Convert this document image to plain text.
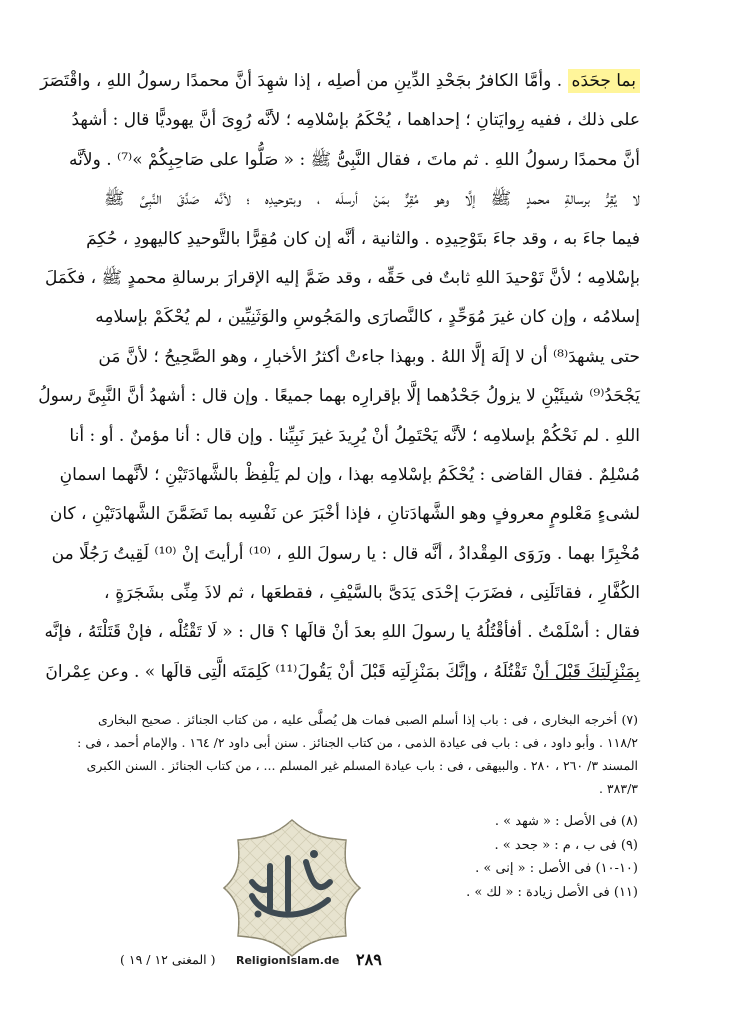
بما جحَدَه . وأمَّا الكافرُ بجَحْدِ الدِّينِ من أصلِه ، إذا شهِدَ أنَّ محمدًا رسولُ اللهِ ، واقْتَصَرَ
على ذلك ، ففيه رِوايَتانِ ؛ إحداهما ، يُحْكَمُ بإسْلامِه ؛ لأنَّه رُوِىَ أنَّ يهوديًّا قال : أشهدُ
أنَّ محمدًا رسولُ اللهِ . ثم ماتَ ، فقال النَّبِىُّ ﷺ : « صَلُّوا على صَاحِبِكُمْ »⁽⁷⁾ . ولأنَّه
لا يُقِرُّ برسالةِ محمدٍ ﷺ إلَّا وهو مُقِرٌّ بمَنْ أرسلَه ، وبتوحيدِه ؛ لأنَّه صَدَّقَ النَّبِىَّ ﷺ
فيما جاءَ به ، وقد جاءَ بتَوْحِيدِه . والثانية ، أنَّه إن كان مُقِرًّا بالتَّوحيدِ كاليهودِ ، حُكِمَ
بإسْلامِه ؛ لأنَّ تَوْحيدَ اللهِ ثابتٌ فى حَقِّه ، وقد ضَمَّ إليه الإقرارَ برسالةِ محمدٍ ﷺ ، فكَمَلَ
إسلامُه ، وإن كان غيرَ مُوَحِّدٍ ، كالنَّصارَى والمَجُوسِ والوَثَنِيِّين ، لم يُحْكَمْ بإسلامِه
حتى يشهدَ⁽⁸⁾ أن لا إلَهَ إلَّا اللهُ . وبهذا جاءتْ أكثرُ الأخبارِ ، وهو الصَّحِيحُ ؛ لأنَّ مَن
يَجْحَدُ⁽⁹⁾ شيئَيْنِ لا يزولُ جَحْدُهما إلَّا بإقرارِه بهما جميعًا . وإن قال : أشهدُ أنَّ النَّبِىَّ رسولُ
اللهِ . لم نَحْكُمْ بإسلامِه ؛ لأنَّه يَحْتَمِلُ أنْ يُرِيدَ غيرَ نَبِيِّنا . وإن قال : أنا مؤمنٌ . أو : أنا
مُسْلِمٌ . فقال القاضى : يُحْكَمُ بإسْلامِه بهذا ، وإن لم يَلْفِظْ بالشَّهادَتَيْنِ ؛ لأنَّهما اسمانِ
لشىءٍ مَعْلومٍ معروفٍ وهو الشَّهادَتانِ ، فإذا أخْبَرَ عن نَفْسِه بما تَضَمَّنَ الشَّهادَتَيْنِ ، كان
مُخْبِرًا بهما . ورَوَى المِقْدادُ ، أنَّه قال : يا رسولَ اللهِ ، ⁽¹⁰⁾ أرأيتَ إنْ ⁽¹⁰⁾ لَقِيتُ رَجُلًا من
الكُفَّارِ ، فقاتَلَنِى ، فضَرَبَ إحْدَى يَدَىَّ بالسَّيْفِ ، فقطعَها ، ثم لاذَ مِنِّى بشَجَرَةٍ ،
فقال : أسْلَمْتُ . أفأقْتُلُهُ يا رسولَ اللهِ بعدَ أنْ قالَها ؟ قال : « لَا تَقْتُلْه ، فإنْ قَتَلْتَهُ ، فإنَّه
بِمَنْزِلَتِكَ قَبْلَ أنْ تَقْتُلَهُ ، وإنَّكَ بمَنْزِلَتِه قَبْلَ أنْ يَقُولَ⁽¹¹⁾ كَلِمَتَه الَّتِى قالَها » . وعن عِمْرانَ
(٧) أخرجه البخارى ، فى : باب إذا أسلم الصبى فمات هل يُصلَّى عليه ، من كتاب الجنائز . صحيح البخارى
١١٨/٢ . وأبو داود ، فى : باب فى عيادة الذمى ، من كتاب الجنائز . سنن أبى داود ٢/ ١٦٤ . والإمام أحمد ، فى :
المسند ٣/ ٢٦٠ ، ٢٨٠ . والبيهقى ، فى : باب عيادة المسلم غير المسلم ... ، من كتاب الجنائز . السنن الكبرى
٣٨٣/٣ .
(٨) فى الأصل : « شهد » .
(٩) فى ب ، م : « جحد » .
(١٠-١٠) فى الأصل : « إنى » .
(١١) فى الأصل زيادة : « لك » .
٢٨٩
( المغنى ١٢ / ١٩ ) ReligionIslam.de
